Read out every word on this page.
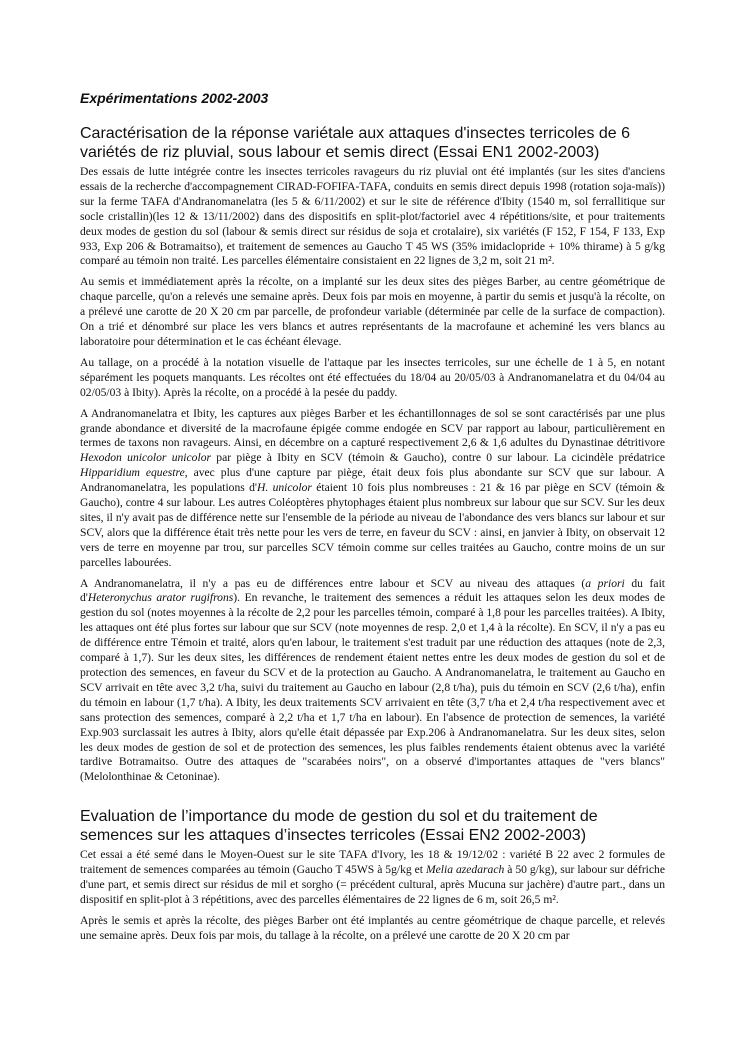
Expérimentations 2002-2003
Caractérisation de la réponse variétale aux attaques d'insectes terricoles de 6 variétés de riz pluvial, sous labour et semis direct (Essai EN1 2002-2003)

Des essais de lutte intégrée contre les insectes terricoles ravageurs du riz pluvial ont été implantés (sur les sites d'anciens essais de la recherche d'accompagnement CIRAD-FOFIFA-TAFA, conduits en semis direct depuis 1998 (rotation soja-maïs)) sur la ferme TAFA d'Andranomanelatra (les 5 & 6/11/2002) et sur le site de référence d'Ibity (1540 m, sol ferrallitique sur socle cristallin)(les 12 & 13/11/2002) dans des dispositifs en split-plot/factoriel avec 4 répétitions/site, et pour traitements deux modes de gestion du sol (labour & semis direct sur résidus de soja et crotalaire), six variétés (F 152, F 154, F 133, Exp 933, Exp 206 & Botramaitso), et traitement de semences au Gaucho T 45 WS (35% imidaclopride + 10% thirame) à 5 g/kg comparé au témoin non traité. Les parcelles élémentaire consistaient en 22 lignes de 3,2 m, soit 21 m².

Au semis et immédiatement après la récolte, on a implanté sur les deux sites des pièges Barber, au centre géométrique de chaque parcelle, qu'on a relevés une semaine après. Deux fois par mois en moyenne, à partir du semis et jusqu'à la récolte, on a prélevé une carotte de 20 X 20 cm par parcelle, de profondeur variable (déterminée par celle de la surface de compaction). On a trié et dénombré sur place les vers blancs et autres représentants de la macrofaune et acheminé les vers blancs au laboratoire pour détermination et le cas échéant élevage.

Au tallage, on a procédé à la notation visuelle de l'attaque par les insectes terricoles, sur une échelle de 1 à 5, en notant séparément les poquets manquants. Les récoltes ont été effectuées du 18/04 au 20/05/03 à Andranomanelatra et du 04/04 au 02/05/03 à Ibity). Après la récolte, on a procédé à la pesée du paddy.

A Andranomanelatra et Ibity, les captures aux pièges Barber et les échantillonnages de sol se sont caractérisés par une plus grande abondance et diversité de la macrofaune épigée comme endogée en SCV par rapport au labour, particulièrement en termes de taxons non ravageurs. Ainsi, en décembre on a capturé respectivement 2,6 & 1,6 adultes du Dynastinae détritivore Hexodon unicolor unicolor par piège à Ibity en SCV (témoin & Gaucho), contre 0 sur labour. La cicindèle prédatrice Hipparidium equestre, avec plus d'une capture par piège, était deux fois plus abondante sur SCV que sur labour. A Andranomanelatra, les populations d'H. unicolor étaient 10 fois plus nombreuses : 21 & 16 par piège en SCV (témoin & Gaucho), contre 4 sur labour. Les autres Coléoptères phytophages étaient plus nombreux sur labour que sur SCV. Sur les deux sites, il n'y avait pas de différence nette sur l'ensemble de la période au niveau de l'abondance des vers blancs sur labour et sur SCV, alors que la différence était très nette pour les vers de terre, en faveur du SCV : ainsi, en janvier à Ibity, on observait 12 vers de terre en moyenne par trou, sur parcelles SCV témoin comme sur celles traitées au Gaucho, contre moins de un sur parcelles labourées.

A Andranomanelatra, il n'y a pas eu de différences entre labour et SCV au niveau des attaques (a priori du fait d'Heteronychus arator rugifrons). En revanche, le traitement des semences a réduit les attaques selon les deux modes de gestion du sol (notes moyennes à la récolte de 2,2 pour les parcelles témoin, comparé à 1,8 pour les parcelles traitées). A Ibity, les attaques ont été plus fortes sur labour que sur SCV (note moyennes de resp. 2,0 et 1,4 à la récolte). En SCV, il n'y a pas eu de différence entre Témoin et traité, alors qu'en labour, le traitement s'est traduit par une réduction des attaques (note de 2,3, comparé à 1,7). Sur les deux sites, les différences de rendement étaient nettes entre les deux modes de gestion du sol et de protection des semences, en faveur du SCV et de la protection au Gaucho. A Andranomanelatra, le traitement au Gaucho en SCV arrivait en tête avec 3,2 t/ha, suivi du traitement au Gaucho en labour (2,8 t/ha), puis du témoin en SCV (2,6 t/ha), enfin du témoin en labour (1,7 t/ha). A Ibity, les deux traitements SCV arrivaient en tête (3,7 t/ha et 2,4 t/ha respectivement avec et sans protection des semences, comparé à 2,2 t/ha et 1,7 t/ha en labour). En l'absence de protection de semences, la variété Exp.903 surclassait les autres à Ibity, alors qu'elle était dépassée par Exp.206 à Andranomanelatra. Sur les deux sites, selon les deux modes de gestion de sol et de protection des semences, les plus faibles rendements étaient obtenus avec la variété tardive Botramaitso. Outre des attaques de "scarabées noirs", on a observé d'importantes attaques de "vers blancs" (Melolonthinae & Cetoninae).

Evaluation de l’importance du mode de gestion du sol et du traitement de semences sur les attaques d’insectes terricoles (Essai EN2 2002-2003)

Cet essai a été semé dans le Moyen-Ouest sur le site TAFA d'Ivory, les 18 & 19/12/02 : variété B 22 avec 2 formules de traitement de semences comparées au témoin (Gaucho T 45WS à 5g/kg et Melia azedarach à 50 g/kg), sur labour sur défriche d'une part, et semis direct sur résidus de mil et sorgho (= précédent cultural, après Mucuna sur jachère) d'autre part., dans un dispositif en split-plot à 3 répétitions, avec des parcelles élémentaires de 22 lignes de 6 m, soit 26,5 m².

Après le semis et après la récolte, des pièges Barber ont été implantés au centre géométrique de chaque parcelle, et relevés une semaine après. Deux fois par mois, du tallage à la récolte, on a prélevé une carotte de 20 X 20 cm par
